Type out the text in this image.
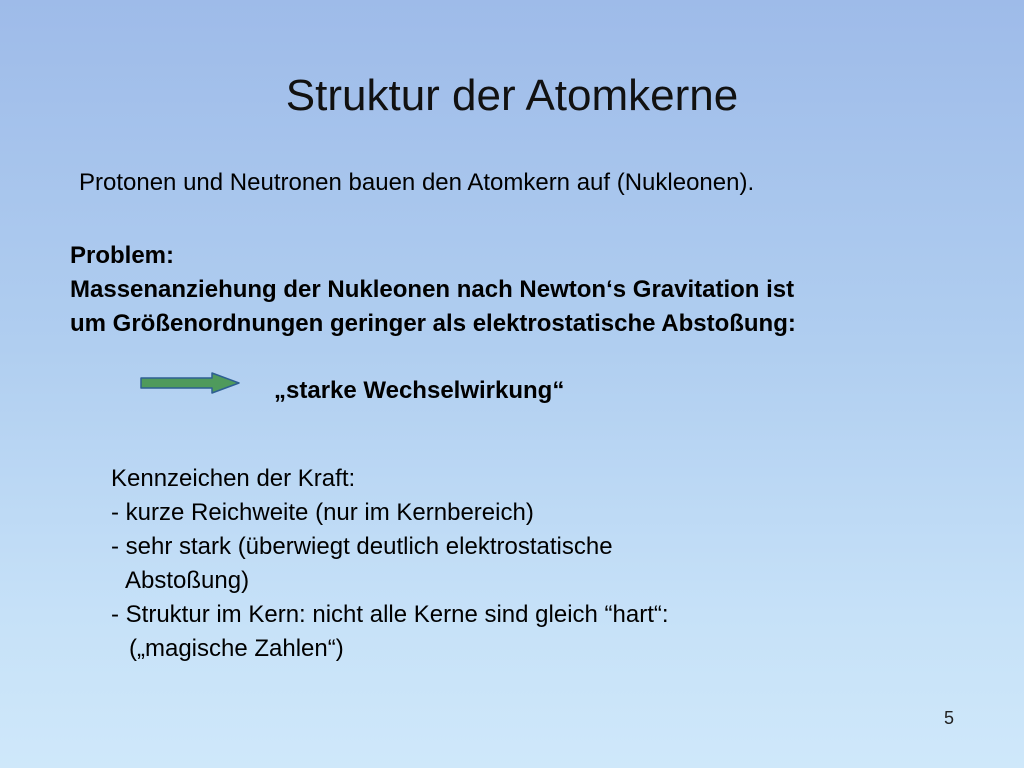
Struktur der Atomkerne
Protonen und Neutronen bauen den Atomkern auf (Nukleonen).
Problem:
Massenanziehung der Nukleonen nach Newton‘s Gravitation ist
um Größenordnungen geringer als elektrostatische Abstoßung:
„starke Wechselwirkung“
Kennzeichen der Kraft:
- kurze Reichweite (nur im Kernbereich)
- sehr stark (überwiegt deutlich elektrostatische
Abstoßung)
- Struktur im Kern: nicht alle Kerne sind gleich “hart“:
(„magische Zahlen“)
5
